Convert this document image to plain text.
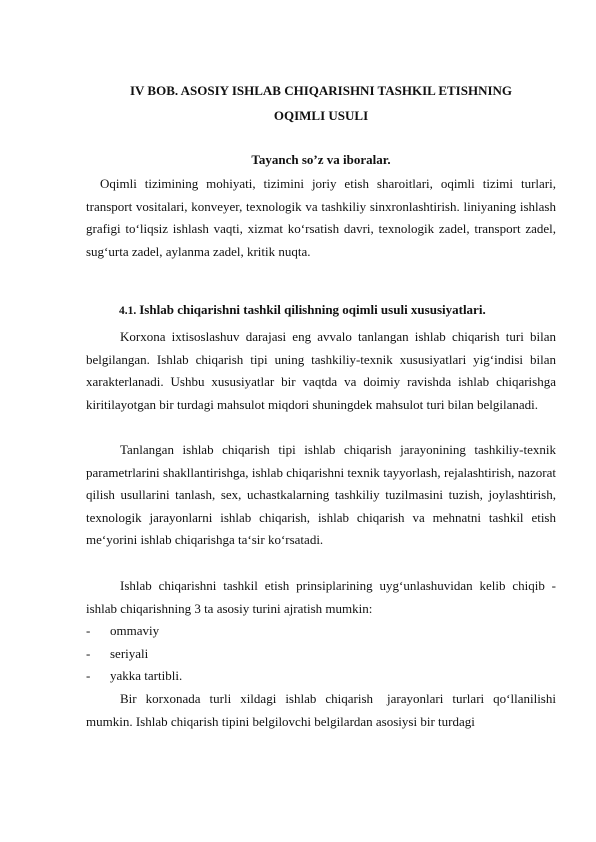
IV BOB. ASOSIY ISHLAB CHIQARISHNI TASHKIL ETISHNING
OQIMLI USULI
Tayanch so’z va iboralar.
Oqimli tizimining mohiyati, tizimini joriy etish sharoitlari, oqimli tizimi turlari, transport vositalari, konveyer, texnologik va tashkiliy sinxronlashtirish. liniyaning ishlash grafigi to‘liqsiz ishlash vaqti, xizmat ko‘rsatish davri, texnologik zadel, transport zadel, sug‘urta zadel, aylanma zadel, kritik nuqta.
4.1. Ishlab chiqarishni tashkil qilishning oqimli usuli xususiyatlari.
Korxona ixtisoslashuv darajasi eng avvalo tanlangan ishlab chiqarish turi bilan belgilangan. Ishlab chiqarish tipi uning tashkiliy-texnik xususiyatlari yig‘indisi bilan xarakterlanadi. Ushbu xususiyatlar bir vaqtda va doimiy ravishda ishlab chiqarishga kiritilayotgan bir turdagi mahsulot miqdori shuningdek mahsulot turi bilan belgilanadi.
Tanlangan ishlab chiqarish tipi ishlab chiqarish jarayonining tashkiliy-texnik parametrlarini shakllantirishga, ishlab chiqarishni texnik tayyorlash, rejalashtirish, nazorat qilish usullarini tanlash, sex, uchastkalarning tashkiliy tuzilmasini tuzish, joylashtirish, texnologik jarayonlarni ishlab chiqarish, ishlab chiqarish va mehnatni tashkil etish me‘yorini ishlab chiqarishga ta‘sir ko‘rsatadi.
Ishlab chiqarishni tashkil etish prinsiplarining uyg‘unlashuvidan kelib chiqib - ishlab chiqarishning 3 ta asosiy turini ajratish mumkin:
- ommaviy
- seriyali
- yakka tartibli.
Bir korxonada turli xildagi ishlab chiqarish jarayonlari turlari qo‘llanilishi mumkin. Ishlab chiqarish tipini belgilovchi belgilardan asosiysi bir turdagi
